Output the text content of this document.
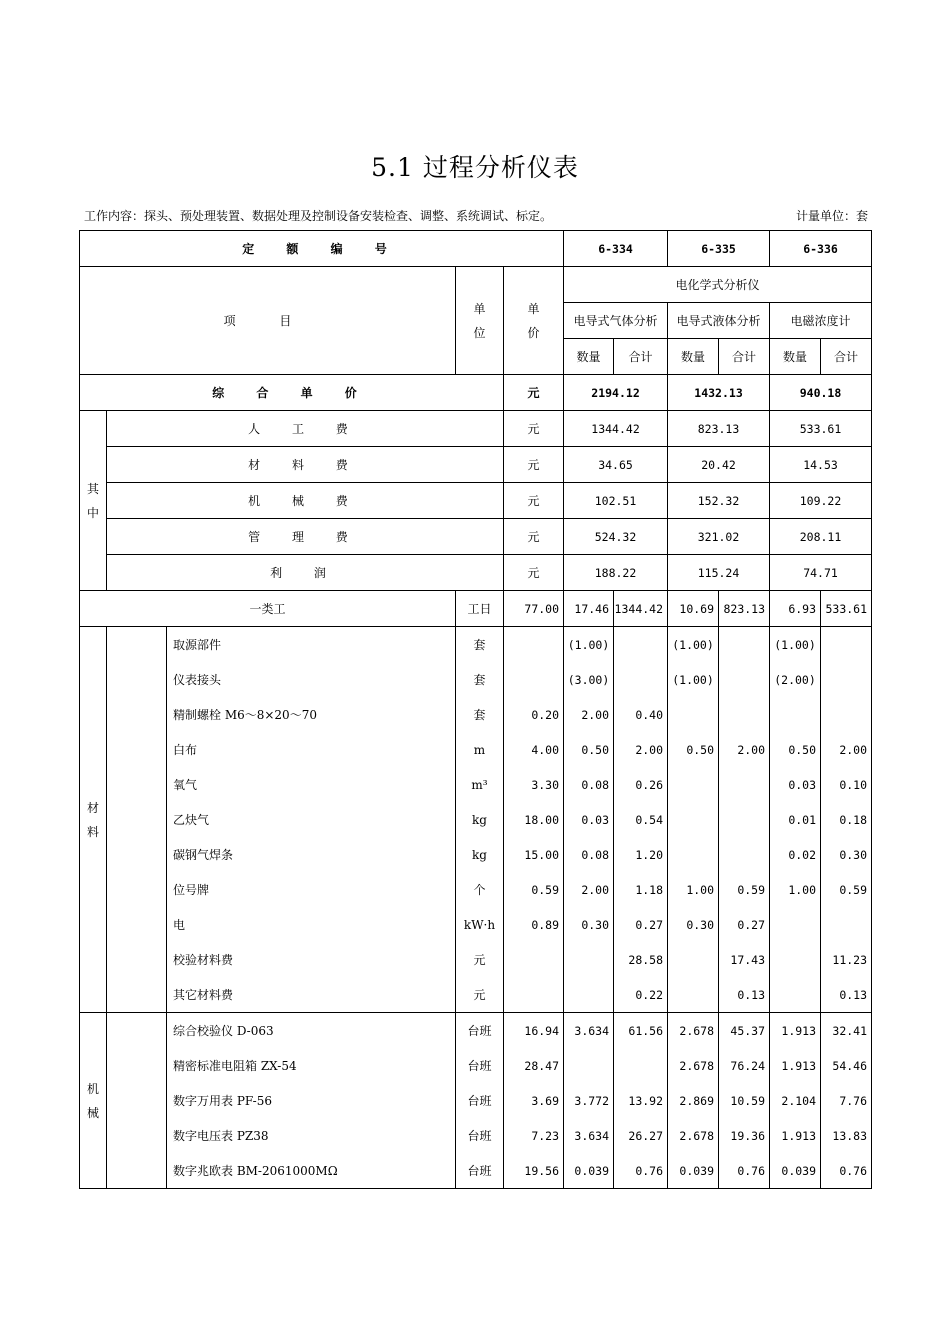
5.1 过程分析仪表
工作内容：探头、预处理装置、数据处理及控制设备安装检查、调整、系统调试、标定。	计量单位：套
定 额 编 号					6-334		6-335		6-336	
项 目			单位	单价	电化学式分析仪					
					电导式气体分析		电导式液体分析		电磁浓度计	
					数量	合计	数量	合计	数量	合计
综 合 单 价				元	2194.12		1432.13		940.18	
其中	人 工 费			元	1344.42		823.13		533.61	
	材 料 费			元	34.65		20.42		14.53	
	机 械 费			元	102.51		152.32		109.22	
	管 理 费			元	524.32		321.02		208.11	
	利 润			元	188.22		115.24		74.71	
一类工			工日	77.00	17.46	1344.42	10.69	823.13	6.93	533.61
材料		取源部件	套		(1.00)		(1.00)		(1.00)	
		仪表接头	套		(3.00)		(1.00)		(2.00)	
		精制螺栓 M6～8×20～70	套	0.20	2.00	0.40				
		白布	m	4.00	0.50	2.00	0.50	2.00	0.50	2.00
		氧气	m³	3.30	0.08	0.26			0.03	0.10
		乙炔气	kg	18.00	0.03	0.54			0.01	0.18
		碳钢气焊条	kg	15.00	0.08	1.20			0.02	0.30
		位号牌	个	0.59	2.00	1.18	1.00	0.59	1.00	0.59
		电	kW·h	0.89	0.30	0.27	0.30	0.27		
		校验材料费	元			28.58		17.43		11.23
		其它材料费	元			0.22		0.13		0.13
机械		综合校验仪 D-063	台班	16.94	3.634	61.56	2.678	45.37	1.913	32.41
		精密标准电阻箱 ZX-54	台班	28.47			2.678	76.24	1.913	54.46
		数字万用表 PF-56	台班	3.69	3.772	13.92	2.869	10.59	2.104	7.76
		数字电压表 PZ38	台班	7.23	3.634	26.27	2.678	19.36	1.913	13.83
		数字兆欧表 BM-2061000MΩ	台班	19.56	0.039	0.76	0.039	0.76	0.039	0.76
